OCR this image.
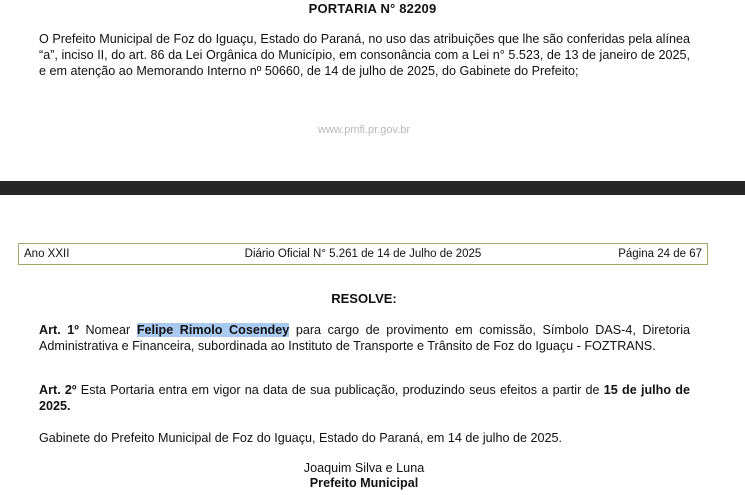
PORTARIA N° 82209
O Prefeito Municipal de Foz do Iguaçu, Estado do Paraná, no uso das atribuições que lhe são conferidas pela alínea “a”, inciso II, do art. 86 da Lei Orgânica do Município, em consonância com a Lei n° 5.523, de 13 de janeiro de 2025, e em atenção ao Memorando Interno nº 50660, de 14 de julho de 2025, do Gabinete do Prefeito;
www.pmfi.pr.gov.br
Ano XXII	Diário Oficial N° 5.261 de 14 de Julho de 2025	Página 24 de 67
RESOLVE:
Art. 1º Nomear Felipe Rimolo Cosendey para cargo de provimento em comissão, Símbolo DAS-4, Diretoria Administrativa e Financeira, subordinada ao Instituto de Transporte e Trânsito de Foz do Iguaçu - FOZTRANS.
Art. 2º Esta Portaria entra em vigor na data de sua publicação, produzindo seus efeitos a partir de 15 de julho de 2025.
Gabinete do Prefeito Municipal de Foz do Iguaçu, Estado do Paraná, em 14 de julho de 2025.
Joaquim Silva e Luna
Prefeito Municipal
